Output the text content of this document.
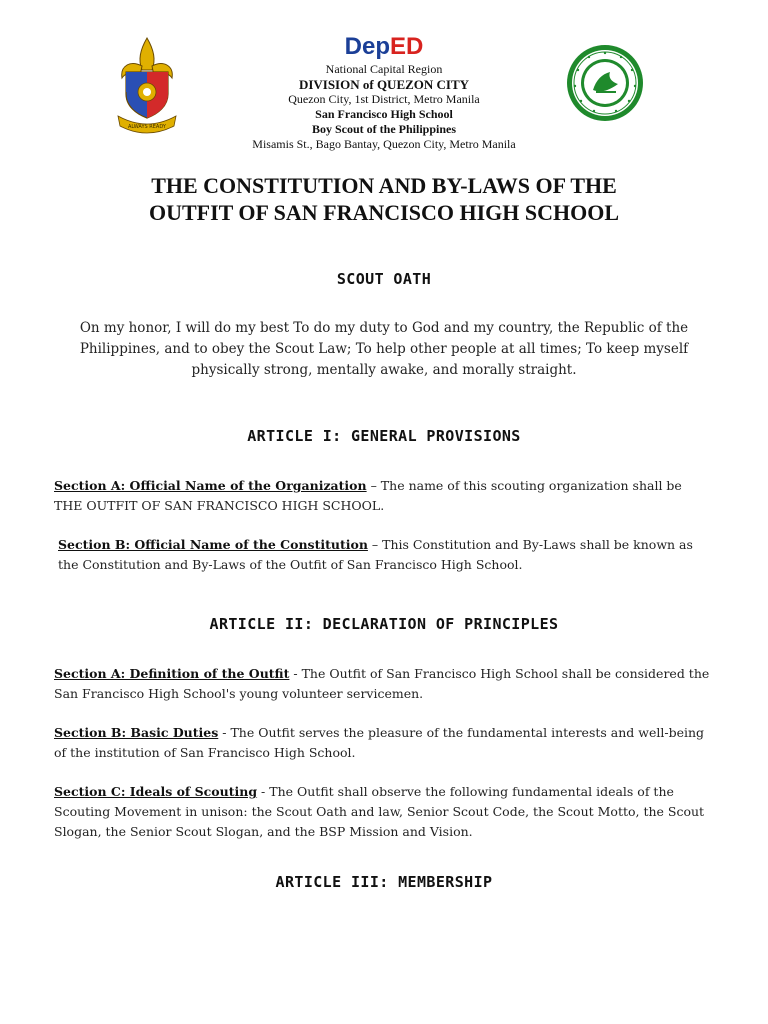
ALWAYS READY
DepED
National Capital Region
DIVISION of QUEZON CITY
Quezon City, 1st District, Metro Manila
San Francisco High School
Boy Scout of the Philippines
Misamis St., Bago Bantay, Quezon City, Metro Manila
THE CONSTITUTION AND BY-LAWS OF THE
OUTFIT OF SAN FRANCISCO HIGH SCHOOL
SCOUT OATH
On my honor, I will do my best To do my duty to God and my country, the Republic of the Philippines, and to obey the Scout Law; To help other people at all times; To keep myself physically strong, mentally awake, and morally straight.
ARTICLE I: GENERAL PROVISIONS
Section A: Official Name of the Organization – The name of this scouting organization shall be THE OUTFIT OF SAN FRANCISCO HIGH SCHOOL.
Section B: Official Name of the Constitution – This Constitution and By-Laws shall be known as the Constitution and By-Laws of the Outfit of San Francisco High School.
ARTICLE II: DECLARATION OF PRINCIPLES
Section A: Definition of the Outfit - The Outfit of San Francisco High School shall be considered the San Francisco High School's young volunteer servicemen.
Section B: Basic Duties - The Outfit serves the pleasure of the fundamental interests and well-being of the institution of San Francisco High School.
Section C: Ideals of Scouting - The Outfit shall observe the following fundamental ideals of the Scouting Movement in unison: the Scout Oath and law, Senior Scout Code, the Scout Motto, the Scout Slogan, the Senior Scout Slogan, and the BSP Mission and Vision.
ARTICLE III: MEMBERSHIP
